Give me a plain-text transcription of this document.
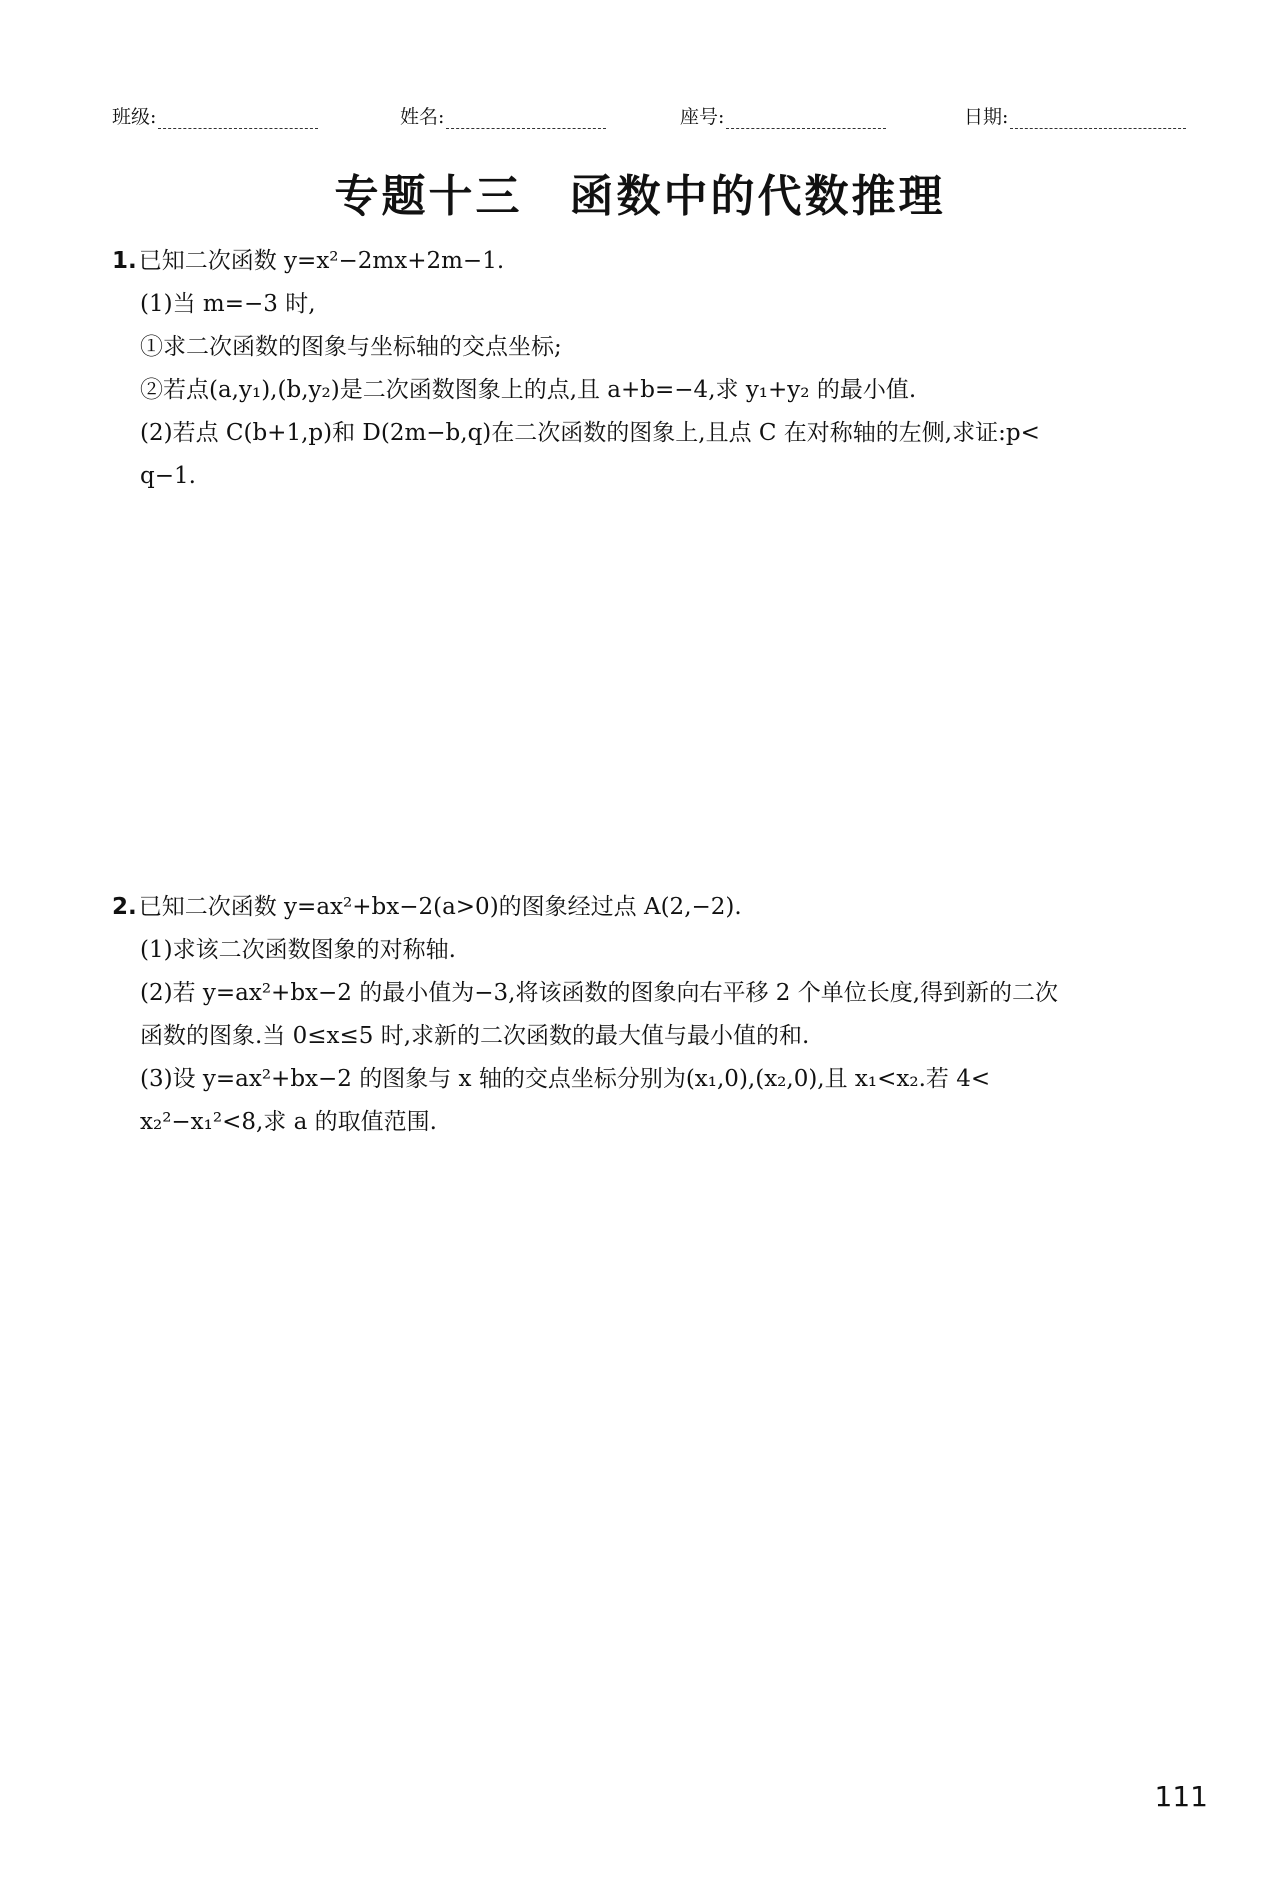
班级:	姓名:	座号:	日期:
专题十三　函数中的代数推理
1.已知二次函数 y=x²−2mx+2m−1.
(1)当 m=−3 时,
①求二次函数的图象与坐标轴的交点坐标;
②若点(a,y₁),(b,y₂)是二次函数图象上的点,且 a+b=−4,求 y₁+y₂ 的最小值.
(2)若点 C(b+1,p)和 D(2m−b,q)在二次函数的图象上,且点 C 在对称轴的左侧,求证:p<
q−1.
2.已知二次函数 y=ax²+bx−2(a>0)的图象经过点 A(2,−2).
(1)求该二次函数图象的对称轴.
(2)若 y=ax²+bx−2 的最小值为−3,将该函数的图象向右平移 2 个单位长度,得到新的二次
函数的图象.当 0≤x≤5 时,求新的二次函数的最大值与最小值的和.
(3)设 y=ax²+bx−2 的图象与 x 轴的交点坐标分别为(x₁,0),(x₂,0),且 x₁<x₂.若 4<
x₂²−x₁²<8,求 a 的取值范围.
111
